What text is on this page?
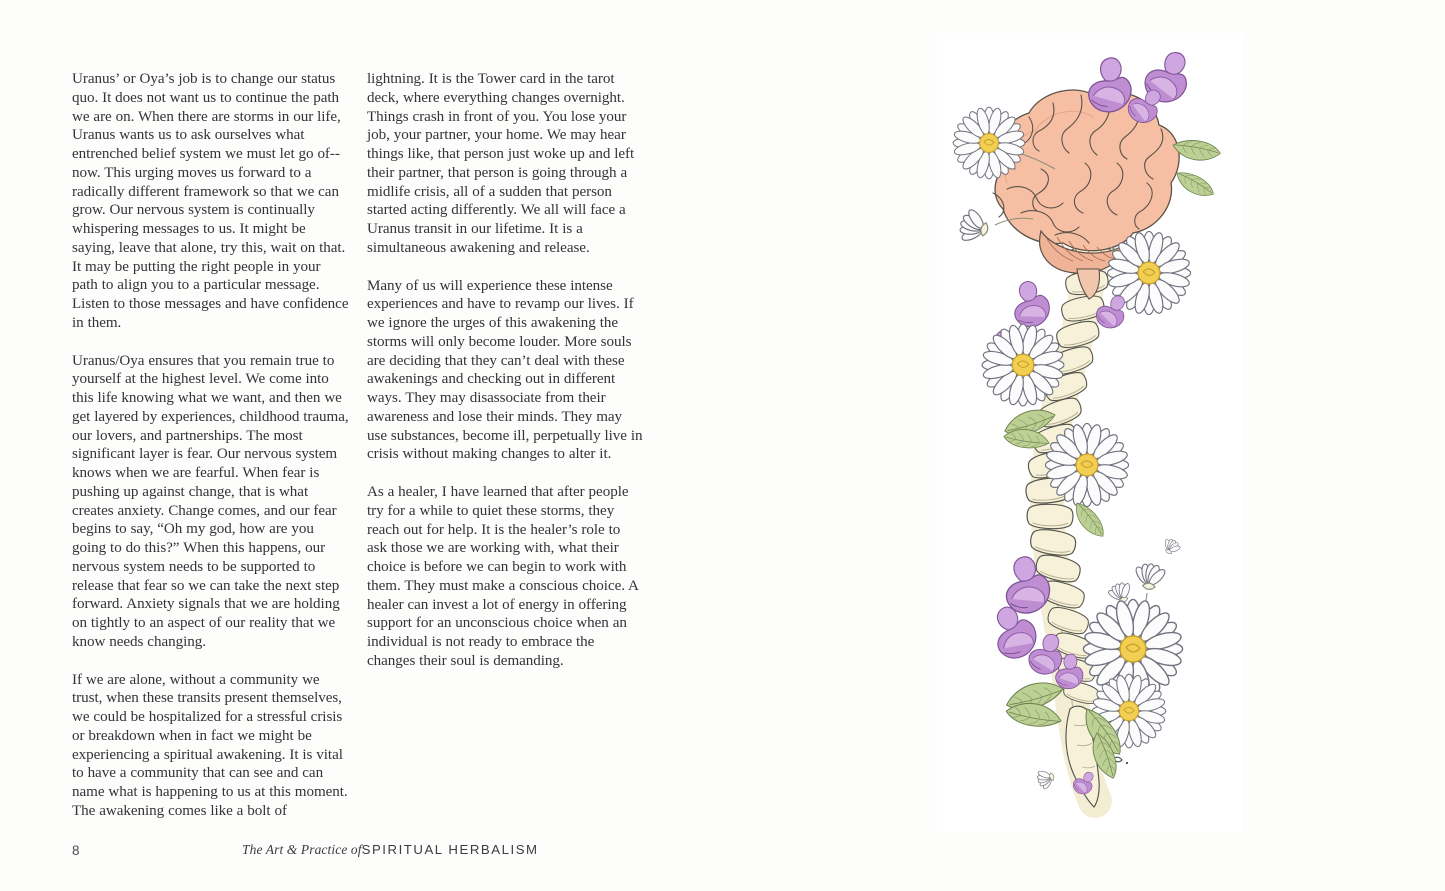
Uranus’ or Oya’s job is to change our status quo. It does not want us to continue the path we are on. When there are storms in our life, Uranus wants us to ask ourselves what entrenched belief system we must let go of--now. This urging moves us forward to a radically different framework so that we can grow. Our nervous system is continually whispering messages to us. It might be saying, leave that alone, try this, wait on that. It may be putting the right people in your path to align you to a particular message. Listen to those messages and have confidence in them.

Uranus/Oya ensures that you remain true to yourself at the highest level. We come into this life knowing what we want, and then we get layered by experiences, childhood trauma, our lovers, and partnerships. The most significant layer is fear. Our nervous system knows when we are fearful. When fear is pushing up against change, that is what creates anxiety. Change comes, and our fear begins to say, “Oh my god, how are you going to do this?” When this happens, our nervous system needs to be supported to release that fear so we can take the next step forward. Anxiety signals that we are holding on tightly to an aspect of our reality that we know needs changing.

If we are alone, without a community we trust, when these transits present themselves, we could be hospitalized for a stressful crisis or breakdown when in fact we might be experiencing a spiritual awakening. It is vital to have a community that can see and can name what is happening to us at this moment. The awakening comes like a bolt of

lightning. It is the Tower card in the tarot deck, where everything changes overnight. Things crash in front of you. You lose your job, your partner, your home. We may hear things like, that person just woke up and left their partner, that person is going through a midlife crisis, all of a sudden that person started acting differently. We all will face a Uranus transit in our lifetime. It is a simultaneous awakening and release.

Many of us will experience these intense experiences and have to revamp our lives. If we ignore the urges of this awakening the storms will only become louder. More souls are deciding that they can’t deal with these awakenings and checking out in different ways. They may disassociate from their awareness and lose their minds. They may use substances, become ill, perpetually live in crisis without making changes to alter it.

As a healer, I have learned that after people try for a while to quiet these storms, they reach out for help. It is the healer’s role to ask those we are working with, what their choice is before we can begin to work with them. They must make a conscious choice. A healer can invest a lot of energy in offering support for an unconscious choice when an individual is not ready to embrace the changes their soul is demanding.

8	The Art & Practice ofSPIRITUAL HERBALISM
